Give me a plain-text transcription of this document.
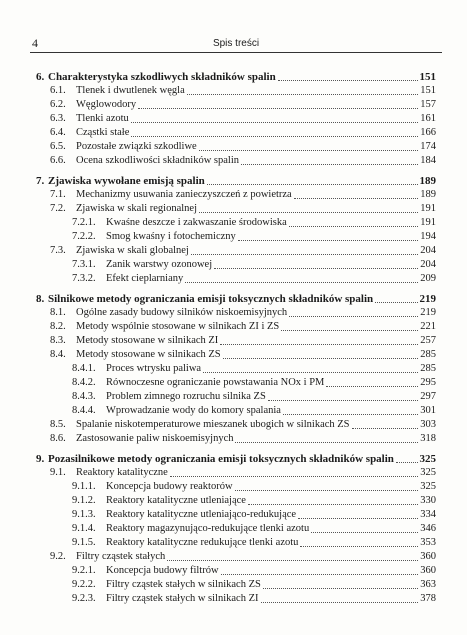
4	Spis treści
6. Charakterystyka szkodliwych składników spalin	151
6.1. Tlenek i dwutlenek węgla	151
6.2. Węglowodory	157
6.3. Tlenki azotu	161
6.4. Cząstki stałe	166
6.5. Pozostałe związki szkodliwe	174
6.6. Ocena szkodliwości składników spalin	184
7. Zjawiska wywołane emisją spalin	189
7.1. Mechanizmy usuwania zanieczyszczeń z powietrza	189
7.2. Zjawiska w skali regionalnej	191
7.2.1. Kwaśne deszcze i zakwaszanie środowiska	191
7.2.2. Smog kwaśny i fotochemiczny	194
7.3. Zjawiska w skali globalnej	204
7.3.1. Zanik warstwy ozonowej	204
7.3.2. Efekt cieplarniany	209
8. Silnikowe metody ograniczania emisji toksycznych składników spalin	219
8.1. Ogólne zasady budowy silników niskoemisyjnych	219
8.2. Metody wspólnie stosowane w silnikach ZI i ZS	221
8.3. Metody stosowane w silnikach ZI	257
8.4. Metody stosowane w silnikach ZS	285
8.4.1. Proces wtrysku paliwa	285
8.4.2. Równoczesne ograniczanie powstawania NOx i PM	295
8.4.3. Problem zimnego rozruchu silnika ZS	297
8.4.4. Wprowadzanie wody do komory spalania	301
8.5. Spalanie niskotemperaturowe mieszanek ubogich w silnikach ZS	303
8.6. Zastosowanie paliw niskoemisyjnych	318
9. Pozasilnikowe metody ograniczania emisji toksycznych składników spalin 325
9.1. Reaktory katalityczne	325
9.1.1. Koncepcja budowy reaktorów	325
9.1.2. Reaktory katalityczne utleniające	330
9.1.3. Reaktory katalityczne utleniająco-redukujące	334
9.1.4. Reaktory magazynująco-redukujące tlenki azotu	346
9.1.5. Reaktory katalityczne redukujące tlenki azotu	353
9.2. Filtry cząstek stałych	360
9.2.1. Koncepcja budowy filtrów	360
9.2.2. Filtry cząstek stałych w silnikach ZS	363
9.2.3. Filtry cząstek stałych w silnikach ZI	378
